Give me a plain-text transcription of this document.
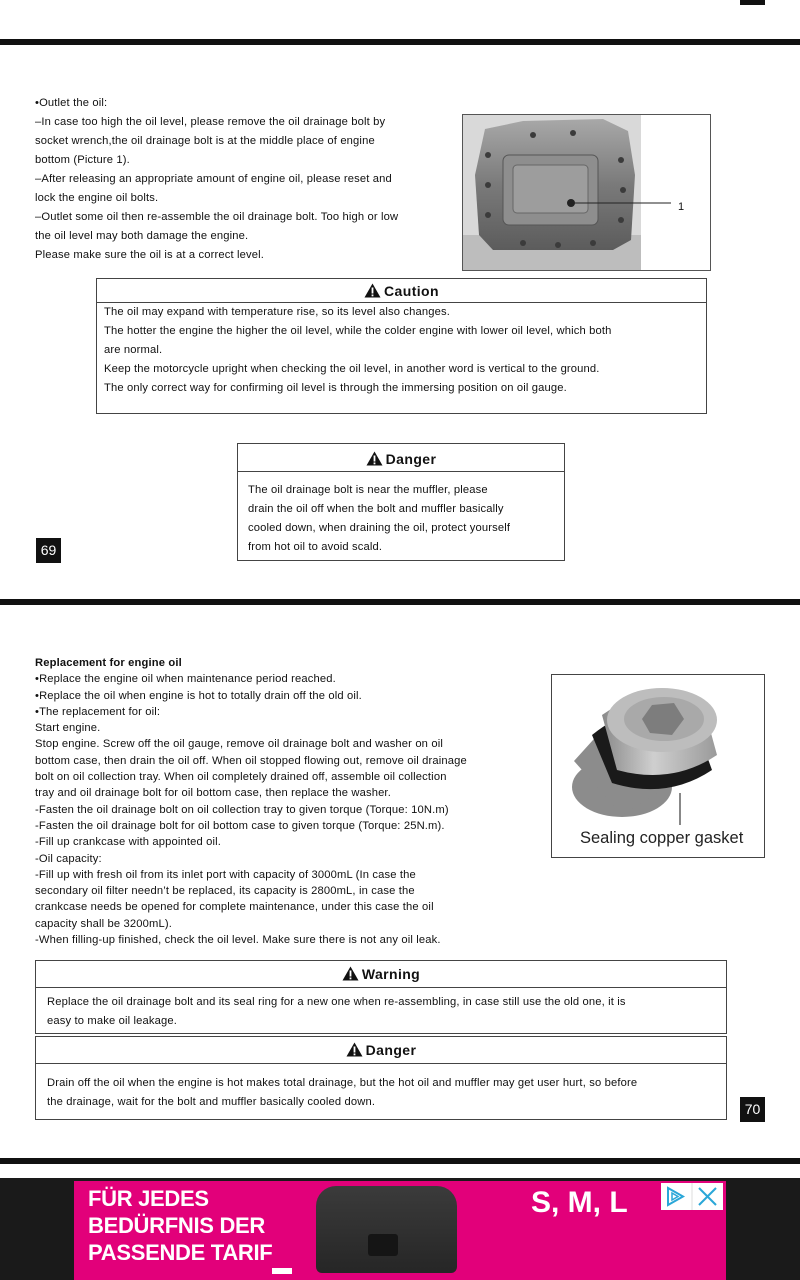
•Outlet the oil:

–In case too high the oil level, please remove the oil drainage bolt by

socket wrench,the oil drainage bolt is at the middle place of engine

bottom (Picture 1).

–After releasing an appropriate amount of engine oil, please reset and

lock the engine oil bolts.

–Outlet some oil then re-assemble the oil drainage bolt. Too high or low

the oil level may both damage the engine.

Please make sure the oil is at a correct level.

1
Caution

The oil may expand with temperature rise, so its level also changes.

The hotter the engine the higher the oil level, while the colder engine with lower oil level, which both

are normal.

Keep the motorcycle upright when checking the oil level, in another word is vertical to the ground.

The only correct way for confirming oil level is through the immersing position on oil gauge.

Danger

The oil drainage bolt is near the muffler, please

drain the oil off when the bolt and muffler basically

cooled down, when draining the oil, protect yourself

from hot oil to avoid scald.

69

Replacement for engine oil

•Replace the engine oil when maintenance period reached.

•Replace the oil when engine is hot to totally drain off the old oil.

•The replacement for oil:

Start engine.

Stop engine. Screw off the oil gauge, remove oil drainage bolt and washer on oil

bottom case, then drain the oil off. When oil stopped flowing out, remove oil drainage

bolt on oil collection tray. When oil completely drained off, assemble oil collection

tray and oil drainage bolt for oil bottom case, then replace the washer.

-Fasten the oil drainage bolt on oil collection tray to given torque (Torque: 10N.m)

-Fasten the oil drainage bolt for oil bottom case to given torque (Torque: 25N.m).

-Fill up crankcase with appointed oil.

-Oil capacity:

-Fill up with fresh oil from its inlet port with capacity of 3000mL (In case the

secondary oil filter needn’t be replaced, its capacity is 2800mL, in case the

crankcase needs be opened for complete maintenance, under this case the oil

capacity shall be 3200mL).

-When filling-up finished, check the oil level. Make sure there is not any oil leak.

Sealing copper gasket
Warning

Replace the oil drainage bolt and its seal ring for a new one when re-assembling, in case still use the old one, it is

easy to make oil leakage.

Danger

Drain off the oil when the engine is hot makes total drainage, but the hot oil and muffler may get user hurt, so before

the drainage, wait for the bolt and muffler basically cooled down.	70
FÜR JEDES
BEDÜRFNIS DER
PASSENDE TARIF
S, M, L
